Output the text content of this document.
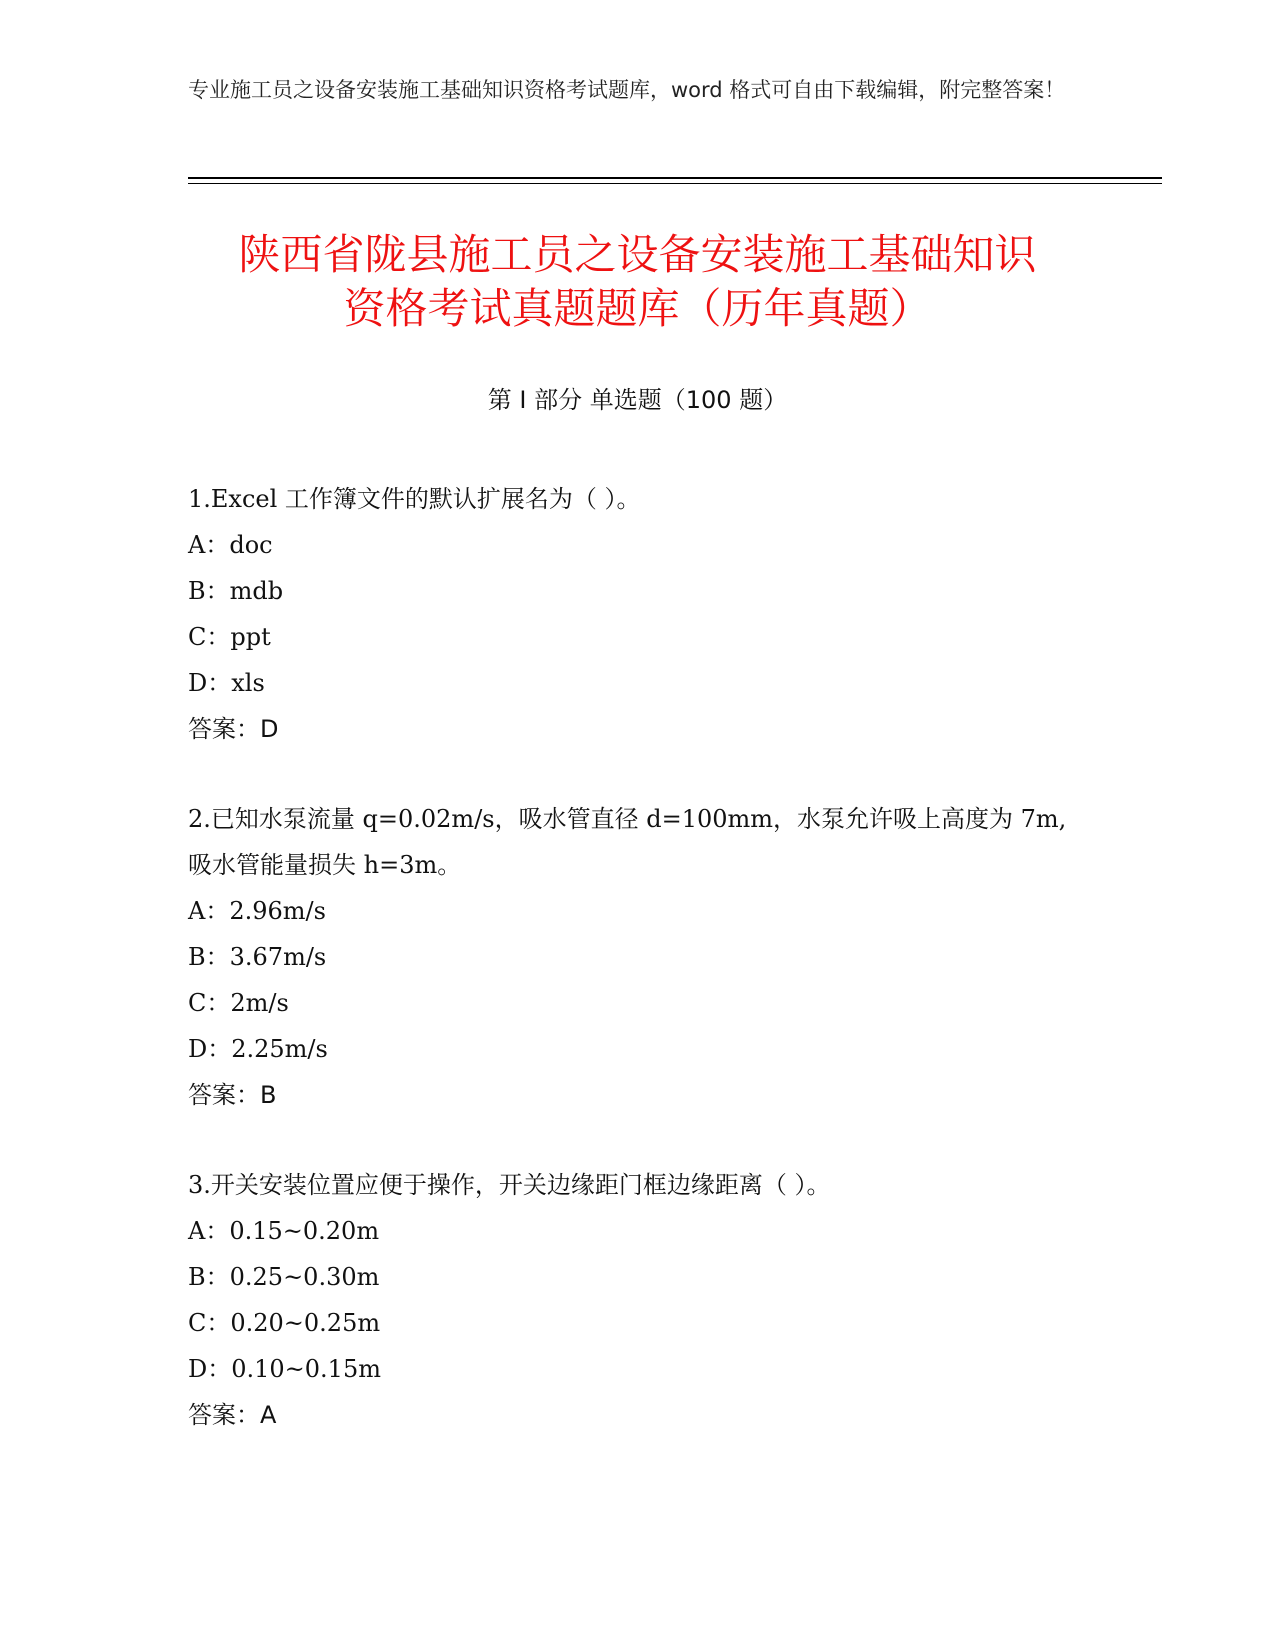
专业施工员之设备安装施工基础知识资格考试题库，word 格式可自由下载编辑，附完整答案！
陕西省陇县施工员之设备安装施工基础知识
资格考试真题题库（历年真题）
第 I 部分 单选题（100 题）

1.Excel 工作簿文件的默认扩展名为（ ）。

A：doc

B：mdb

C：ppt

D：xls

答案：D

2.已知水泵流量 q=0.02m/s，吸水管直径 d=100mm，水泵允许吸上高度为 7m,吸水管能量损失 h=3m。

A：2.96m/s

B：3.67m/s

C：2m/s

D：2.25m/s

答案：B

3.开关安装位置应便于操作，开关边缘距门框边缘距离（ ）。

A：0.15~0.20m

B：0.25~0.30m

C：0.20~0.25m

D：0.10~0.15m

答案：A
